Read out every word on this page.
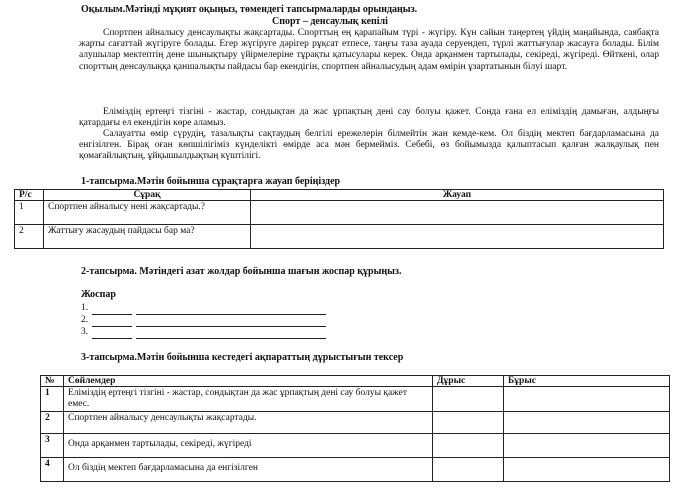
Оқылым.Мәтінді мұқият оқыңыз, төмендегі тапсырмаларды орындаңыз.
Спорт – денсаулық кепілі
Спортпен айналысу денсаулықты жақсартады. Спорттың ең қарапайым түрі - жүгіру. Күн сайын таңертең үйдің маңайында, саябақта жарты сағаттай жүгіруге болады. Егер жүгіруге дәрігер рұқсат етпесе, таңғы таза ауада серуендеп, түрлі жаттығулар жасауға болады. Білім алушылар мектептің дене шынықтыру үйірмелеріне тұрақты қатысулары керек. Онда арқанмен тартылады, секіреді, жүгіреді. Өйткені, олар спорттың денсаулыққа қаншалықты пайдасы бар екендігін, спортпен айналысудың адам өмірін ұзартатынын білуі шарт.
Еліміздің ертеңгі тізгіні - жастар, сондықтан да жас ұрпақтың дені сау болуы қажет. Сонда ғана ел еліміздің дамыған, алдыңғы қатардағы ел екендігін көре аламыз.
Салауатты өмір сүрудің, тазалықты сақтаудың белгілі ережелерін білмейтін жан кемде-кем. Ол біздің мектеп бағдарламасына да енгізілген. Бірақ оған көпшілігіміз күнделікті өмірде аса мән бермейміз. Себебі, өз бойымызда қалыптасып қалған жалқаулық пен қомағайлықтың, ұйқышылдықтың күштілігі.
1-тапсырма.Мәтін бойынша сұрақтарға жауап беріңіздер
Р/с	Сұрақ	Жауап
1	Спортпен айналысу нені жақсартады.?	
2	Жаттығу жасаудың пайдасы бар ма?	
2-тапсырма. Мәтіндегі азат жолдар бойынша шағын жоспар құрыңыз.
Жоспар
1.
2.
3.
3-тапсырма.Мәтін бойынша кестедегі ақпараттың дұрыстығын тексер
№	Сөйлемдер	Дұрыс	Бұрыс
1	Еліміздің ертеңгі тізгіні - жастар, сондықтан да жас ұрпақтың дені сау болуы қажет емес.		

2	Спортпен айналысу денсаулықты жақсартады.		
3	Онда арқанмен тартылады, секіреді, жүгіреді		
4	Ол біздің мектеп бағдарламасына да енгізілген		
